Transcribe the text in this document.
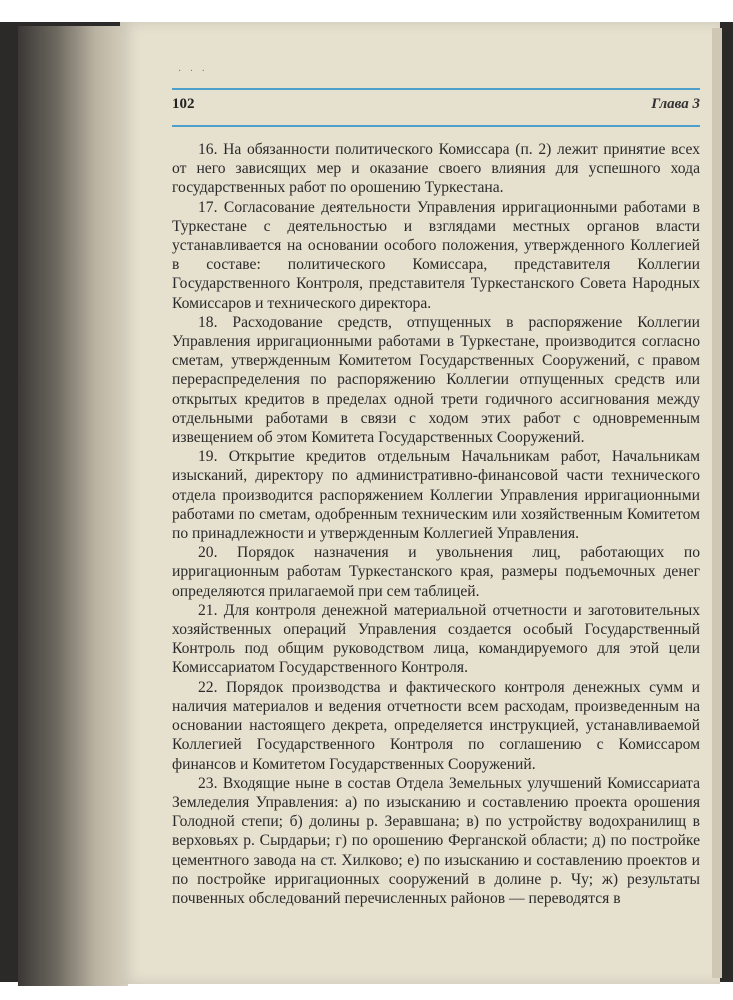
· · ·
102	Глава 3

16. На обязанности политического Комиссара (п. 2) лежит принятие всех от него зависящих мер и оказание своего влияния для успешного хода государственных работ по орошению Туркестана.

17. Согласование деятельности Управления ирригационными работами в Туркестане с деятельностью и взглядами местных органов власти устанавливается на основании особого положения, утвержденного Коллегией в составе: политического Комиссара, представителя Коллегии Государственного Контроля, представителя Туркестанского Совета Народных Комиссаров и технического директора.

18. Расходование средств, отпущенных в распоряжение Коллегии Управления ирригационными работами в Туркестане, производится согласно сметам, утвержденным Комитетом Государственных Сооружений, с правом перераспределения по распоряжению Коллегии отпущенных средств или открытых кредитов в пределах одной трети годичного ассигнования между отдельными работами в связи с ходом этих работ с одновременным извещением об этом Комитета Государственных Сооружений.

19. Открытие кредитов отдельным Начальникам работ, Начальникам изысканий, директору по административно-финансовой части технического отдела производится распоряжением Коллегии Управления ирригационными работами по сметам, одобренным техническим или хозяйственным Комитетом по принадлежности и утвержденным Коллегией Управления.

20. Порядок назначения и увольнения лиц, работающих по ирригационным работам Туркестанского края, размеры подъемочных денег определяются прилагаемой при сем таблицей.

21. Для контроля денежной материальной отчетности и заготовительных хозяйственных операций Управления создается особый Государственный Контроль под общим руководством лица, командируемого для этой цели Комиссариатом Государственного Контроля.

22. Порядок производства и фактического контроля денежных сумм и наличия материалов и ведения отчетности всем расходам, произведенным на основании настоящего декрета, определяется инструкцией, устанавливаемой Коллегией Государственного Контроля по соглашению с Комиссаром финансов и Комитетом Государственных Сооружений.

23. Входящие ныне в состав Отдела Земельных улучшений Комиссариата Земледелия Управления: а) по изысканию и составлению проекта орошения Голодной степи; б) долины р. Зеравшана; в) по устройству водохранилищ в верховьях р. Сырдарьи; г) по орошению Ферганской области; д) по постройке цементного завода на ст. Хилково; е) по изысканию и составлению проектов и по постройке ирригационных сооружений в долине р. Чу; ж) результаты почвенных обследований перечисленных районов — переводятся в
